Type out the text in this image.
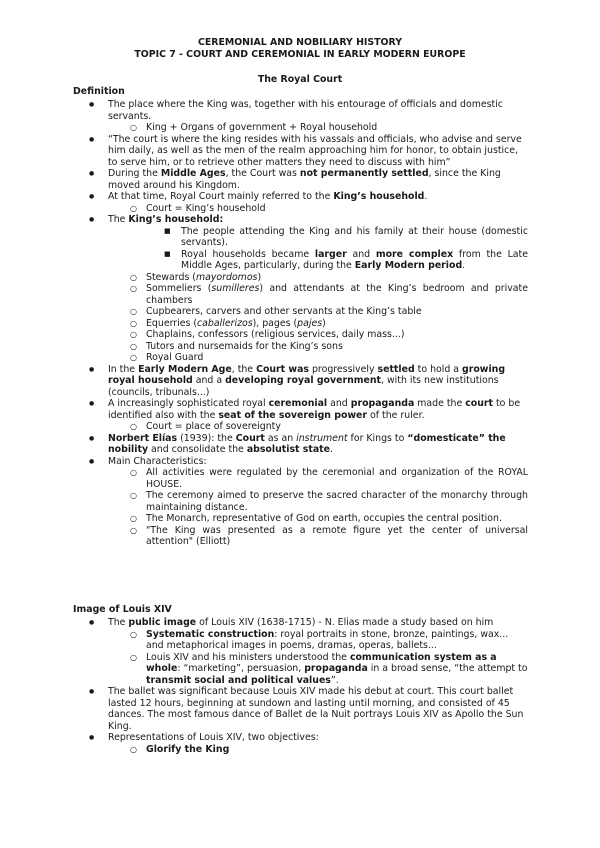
CEREMONIAL AND NOBILIARY HISTORY
TOPIC 7 - COURT AND CEREMONIAL IN EARLY MODERN EUROPE
The Royal Court
Definition
● The place where the King was, together with his entourage of officials and domestic servants.
○ King + Organs of government + Royal household
● “The court is where the king resides with his vassals and officials, who advise and serve him daily, as well as the men of the realm approaching him for honor, to obtain justice, to serve him, or to retrieve other matters they need to discuss with him”
● During the Middle Ages, the Court was not permanently settled, since the King moved around his Kingdom.
● At that time, Royal Court mainly referred to the King’s household.
○ Court = King’s household
● The King’s household:
■ The people attending the King and his family at their house (domestic servants).
■ Royal households became larger and more complex from the Late Middle Ages, particularly, during the Early Modern period.
○ Stewards (mayordomos)
○ Sommeliers (sumilleres) and attendants at the King’s bedroom and private chambers
○ Cupbearers, carvers and other servants at the King’s table
○ Equerries (caballerizos), pages (pajes)
○ Chaplains, confessors (religious services, daily mass...)
○ Tutors and nursemaids for the King’s sons
○ Royal Guard
● In the Early Modern Age, the Court was progressively settled to hold a growing royal household and a developing royal government, with its new institutions (councils, tribunals...)
● A increasingly sophisticated royal ceremonial and propaganda made the court to be identified also with the seat of the sovereign power of the ruler.
○ Court = place of sovereignty
● Norbert Elías (1939): the Court as an instrument for Kings to “domesticate” the nobility and consolidate the absolutist state.
● Main Characteristics:
○ All activities were regulated by the ceremonial and organization of the ROYAL HOUSE.
○ The ceremony aimed to preserve the sacred character of the monarchy through maintaining distance.
○ The Monarch, representative of God on earth, occupies the central position.
○ "The King was presented as a remote figure yet the center of universal attention" (Elliott)
Image of Louis XIV
● The public image of Louis XIV (1638-1715) - N. Elias made a study based on him
○ Systematic construction: royal portraits in stone, bronze, paintings, wax... and metaphorical images in poems, dramas, operas, ballets...
○ Louis XIV and his ministers understood the communication system as a whole: “marketing”, persuasion, propaganda in a broad sense, “the attempt to transmit social and political values”.
● The ballet was significant because Louis XIV made his debut at court. This court ballet lasted 12 hours, beginning at sundown and lasting until morning, and consisted of 45 dances. The most famous dance of Ballet de la Nuit portrays Louis XIV as Apollo the Sun King.
● Representations of Louis XIV, two objectives:
○ Glorify the King
